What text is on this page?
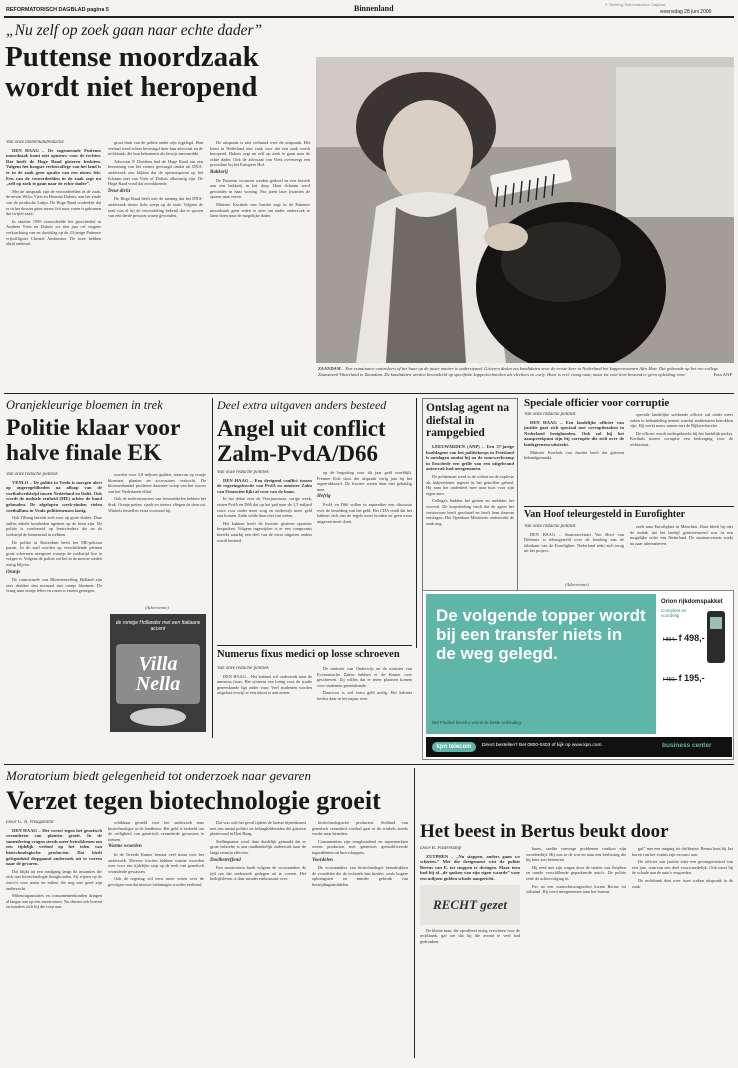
REFORMATORISCH DAGBLAD pagina 5	Binnenland	© Stichting Reformatorisch Dagblad
woensdag 28 juni 2000
„Nu zelf op zoek gaan naar echte dader”
Puttense moordzaak wordt niet heropend

Van onze binnenlandredactie

DEN HAAG – De zogenoemde Puttense moordzaak komt niet opnieuw voor de rechter. Dat heeft de Hoge Raad gisteren besloten. Volgens het hoogste rechtscollege van het land is er in de zaak geen sprake van een nieuw feit. Een van de veroordeelden in de zaak zegt nu „zelf op zoek te gaan naar de echte dader”.

Met de uitspraak zijn de veroordeelden in de zaak, de neven Wilco Viets en Herman Dubois, aan het einde van de juridische Latijn. De Hoge Raad oordeelde dat er in het dossier geen nieuw feit naar voren is gekomen dat twijfel zaait.

In oktober 1995 veroordeelde het gerechtshof in Arnhem Viets en Dubois tot tien jaar cel wegens verkrachting van en doodslag op de 23-jarige Puttense vrijwilligster Christel Ambrosius. De twee hebben altijd ontkend.

groot druk van de politie onder zijn rijgelegd. Hun verhaal werd echter bevestigd door hun advocaat en de rechtbank, die hun bekentenis als bewijs aanvaardde.

Advocaat P. Doedens had de Hoge Raad om een herziening van het vonnis gevraagd omdat uit DNA-onderzoek zou blijken dat de spermasporen op het lichaam niet van Viets of Dubois afkomstig zijn. De Hoge Raad vond dat onvoldoende.

Deur dicht

De Hoge Raad deelt niet de mening dat het DNA-onderzoek nieuw licht werpt op de zaak. Volgens de raad was al bij de veroordeling bekend dat er sporen van een derde persoon waren gevonden.

De uitspraak is niet verbaasd over de uitspraak. Het komt in Nederland niet vaak voor dat een zaak wordt heropend. Dubois zegt nu zelf op zoek te gaan naar de echte dader. Ook de advocaat van Viets overweegt een procedure bij het Europees Hof.

Bakkerij

De Puttense vrouwen werden gedood na een bezoek aan een bakkerij in het dorp. Haar lichaam werd gevonden in haar woning. Pas jaren later kwamen de sporen naar voren.

Minister Korthals van Justitie zegt in de Puttense moordzaak geen reden te zien om nader onderzoek te laten doen naar de mogelijke dader.

ZAANDAM – Een examinator controleert of het haar op de juiste manier is ondersteund. Gisteren deden zes kandidaten voor de eerste keer in Nederland het kappersexamen Afro Hair. Dat gebeurde op het roc-college Zaanstreek-Waterland in Zaandam. De kandidaten werden beoordeeld op specifieke kappertechnieken als vlechten en curly. Haar is veel vraag naar, maar tot voor kort bestond er geen opleiding voor.	Foto ANP
Oranjekleurige bloemen in trek
Politie klaar voor halve finale EK

Van onze redactie politiek

VENLO – De politie in Venlo is morgen alert op ongeregeldheden na afloop van de voetbalwedstrijd tussen Nederland en Italië. Ook wordt de mobiele eenheid (ME) achter de hand gehouden. De afgelopen week-einden vielen voetbalfans in Venlo politiemensen lastig.

Ook Tilburg bereidt zich voor op grote drukte. Daar zullen enkele honderden agenten op de been zijn. De politie is voorbereid op feestvierders die na de wedstrijd de binnenstad in trekken.

De politie in Rotterdam heeft het ME-peloton paraat. In de stad worden op verschillende pleinen grote schermen neergezet waarop de wedstrijd live te volgen is. Volgens de politie zal het in de meeste steden rustig blijven.

Oranje

De contractuele van Bloemenveiling Holland zijn zeer drukker dan normaal met oranje bloemen. De vraag naar oranje lelies en rozen is enorm gestegen.

worden voor 3,8 miljoen gulden, waarvan op oranje bloemen, planten en accessoires verkocht. De bloemenhandel profiteert daarmee volop van het succes van het Nederlands elftal.

Ook de toeleveranciers van feestartikelen hebben het druk. Oranje petten, sjaals en toeters vliegen de deur uit. Winkels bestellen extra voorraad bij.

(Advertentie)
de romige Hollander met een Italiaans accent
Villa Nella
Deel extra uitgaven anders besteed
Angel uit conflict Zalm-PvdA/D66

Van onze redactie politiek

DEN HAAG – Een dreigend conflict tussen de regeringsfractie van PvdA en minister Zalm van Financiën lijkt al voor van de baan.

In het debat over de Voorjaarsnota, vorige week, eisten PvdA en D66 dat op het pad naar de 1,5 miljard extra voor onder meer zorg en onderwijs meer geld zou komen. Zalm wilde daar niet van weten.

Het kabinet heeft de kwestie gisteren opnieuw besproken. Volgens ingewijden is er een compromis bereikt waarbij een deel van de extra uitgaven anders wordt besteed.

op de begroting voor dit jaar geld overblijft. Premier Kok sloot die afspraak vorig jaar bij het regeerakkoord. De fracties waren daar niet gelukkig mee.

Hefrig

PvdA en D66 willen in september een discussie over de besteding van het geld. Het CDA vindt dat het kabinet zich aan de regels moet houden en geen extra uitgaven moet doen.

Ontslag agent na diefstal in rampgebied

LEEUWARDEN (ANP) – Een 37-jarige hoofdagent van het politiekorps in Friesland is ontslagen omdat hij na de vuurwerkramp in Enschede een grille van een uitgebrand autowrak had meegenomen.

De politieman werd in de weken na de explosie als hulpverlener ingezet in het getroffen gebied. Hij nam het onderdeel mee naar huis voor zijn eigen auto.

Collega's hadden het gezien en meldden het voorval. De korpsleiding vindt dat de agent het vertrouwen heeft geschaad en heeft hem daarom ontslagen. Het Openbaar Ministerie onderzoekt de zaak nog.

Speciale officier voor corruptie

Van onze redactie politiek

DEN HAAG – Een landelijke officier van justitie gaat zich speciaal met corruptiezaken in Nederland bezighouden. Ook zal hij het aanspreekpunt zijn bij corruptie die zich over de landsgrenzen uitstrekt.

Minister Korthals van Justitie heeft dat gisteren bekendgemaakt.

speciale landelijke werkende officier zal onder meer zaken in behandeling nemen waarbij ambtenaren betrokken zijn. Hij werkt nauw samen met de Rijksrecherche.

De officier wordt ondergebracht bij het landelijk parket. Korthals noemt corruptie een bedreiging voor de rechtsstaat.

Van Hoof teleurgesteld in Eurofighter

Van onze redactie politiek

DEN HAAG – Staatssecretaris Van Hoof van Defensie is teleurgesteld over de houding van de fabrikant van de Eurofighter. Nederland trekt zich terug uit het project.

zoek naar Eurofighter in Münchtot. Daar bleek hij niet de indruk dat het bedrijf geïnteresseerd was in een mogelijke order van Nederland. De staatssecretaris zoekt nu naar alternatieven.

Numerus fixus medici op losse schroeven

Van onze redactie politiek

DEN HAAG – Het kabinet wil onderzoek naar de numerus fixus. Het systeem van loting voor de studie geneeskunde ligt onder vuur. Veel studenten worden uitgeloot terwijl er een tekort is aan artsen.

De minister van Onderwijs en de minister van Economische Zaken hebben er de Kamer over geschreven. Zij willen dat er meer plaatsen komen voor studenten geneeskunde.

Daarvoor is wel extra geld nodig. Het kabinet beslist daar in het najaar over.

(Advertentie)
De volgende topper wordt bij een transfer niets in de weg gelegd.
Met Flexibel bevelt u vooral de beste verbinding.
Orion rijkdomspakket
Compleet en voordelig
f 894,- f 498,-
f 450,- f 195,-
kpn telecom	Direct bestellen? Bel 0800-0403 of kijk op www.kpn.com.	business center
Moratorium biedt gelegenheid tot onderzoek naar gevaren
Verzet tegen biotechnologie groeit

Door G. A. Vreugdenhil

DEN HAAG – Het verzet tegen het genetisch veranderen van planten groeit. In de samenleving vragen steeds meer betrokkenen om een tijdelijk verbod op het telen van biotechnologische producten. Dat biedt gelegenheid diepgaand onderzoek uit te voeren naar de gevaren.

Dat blijkt uit een rondgang langs de instanties die zich met biotechnologie bezighouden. Zij wijzen op de risico's voor mens en milieu die nog niet goed zijn onderzocht.

Milieuorganisaties en consumentenbonden dringen al langer aan op een moratorium. Nu sluiten ook boeren en tuinders zich bij die roep aan.

schikbaar gesteld voor het onderzoek naar biotechnologie in de landbouw. Het geld is bedoeld om de veiligheid van genetisch veranderde gewassen te toetsen.

Warme woorden

In de Tweede Kamer bestaat veel steun voor het onderzoek. Diverse fracties hebben warme woorden over voor een tijdelijke stop op de teelt van genetisch veranderde gewassen.

Ook de regering wil eerst meer weten over de gevolgen voordat nieuwe toelatingen worden verleend.

Dat was ook het geval tijdens de laatste bijeenkomst met een aantal politici en belanghebbenden die gisteren plaatsvond in Den Haag.

Stellingname werd daar duidelijk gemaakt dat er grote behoefte is aan onafhankelijk onderzoek naar de lange termijn effecten.

Doelbetreffend

Een moratorium biedt volgens de voorstanders de tijd om dat onderzoek gedegen uit te voeren. Het bedrijfsleven is daar minder enthousiast over.

biotechnologische producten. Stelland van genetisch veranderd voedsel gaat in de winkels steeds verder naar beneden.

Consumenten zijn terughoudend en supermarkten weren producten met genetisch gemodificeerde ingrediënten uit hun schappen.

Voordelen

De voorstanders van biotechnologie benadrukken de voordelen die de techniek kan bieden, zoals hogere opbrengsten en minder gebruik van bestrijdingsmiddelen.

Het beest in Bertus beukt door

Door R. Pasterkamp

ZUTPHEN – „Nu stoppen, anders gaan we schieten.” Met die dreigement wist de politie Bertus van E. tot stoppen te dwingen. Maar toen had hij al „de spoken van zijn eigen waarde” voor een miljoen gulden schade aangericht.

RECHT gezet

De kleine man, die opvallend rustig verscheen voor de rechtbank, gaf toe dat hij die avond te veel had gedronken.

baars, snelde vanwege problemen rondom zijn woonbedrijf. Hij was in de war en nam een beslissing die hij later zou betreuren.

Hij reed met zijn wagen door de straten van Zutphen en ramde verschillende geparkeerde auto's. De politie zette de achtervolging in.

Pas na een waarschuwingsschot kwam Bertus tot stilstand. Hij werd meegenomen naar het bureau.

gul” met een tanging tot driftbuien. Bertus kent bij het horen van het vonnis zijn excuses aan.

De officier van justitie eiste een gevangenisstraf van een jaar, waarvan een deel voorwaardelijk. Ook moet hij de schade aan de auto's vergoeden.

De rechtbank doet over twee weken uitspraak in de zaak.
